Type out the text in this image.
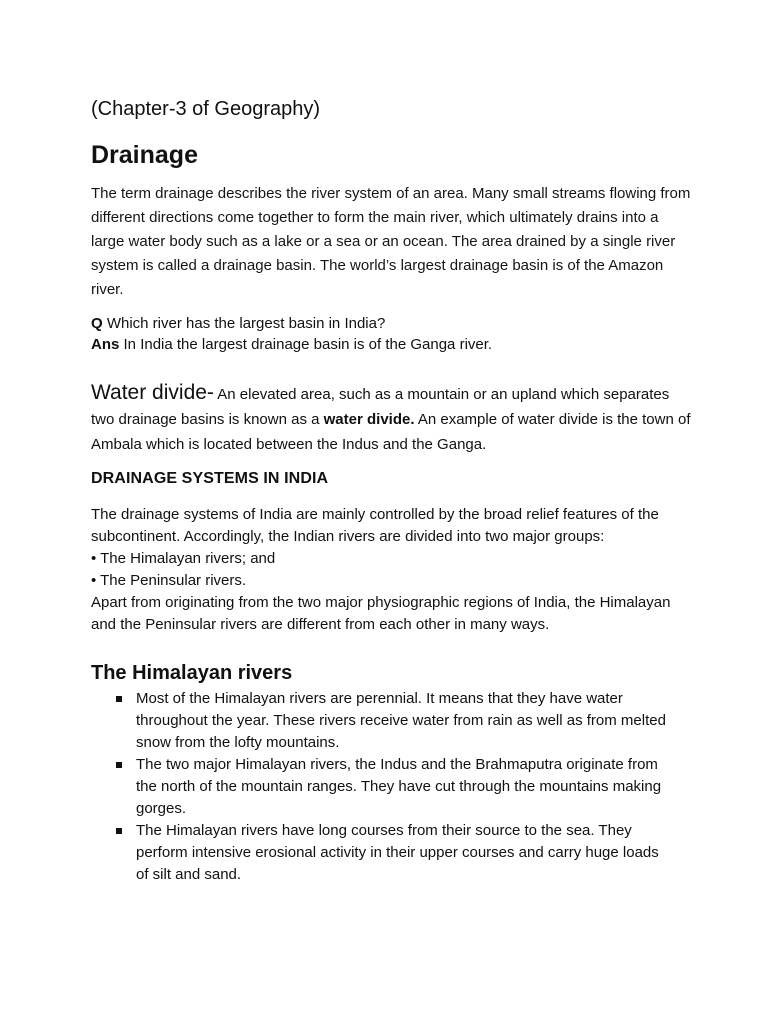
(Chapter-3 of Geography)
Drainage

The term drainage describes the river system of an area. Many small streams flowing from different directions come together to form the main river, which ultimately drains into a large water body such as a lake or a sea or an ocean. The area drained by a single river system is called a drainage basin. The world’s largest drainage basin is of the Amazon river.

Q Which river has the largest basin in India?
Ans In India the largest drainage basin is of the Ganga river.
Water divide- An elevated area, such as a mountain or an upland which separates two drainage basins is known as a water divide. An example of water divide is the town of Ambala which is located between the Indus and the Ganga.
DRAINAGE SYSTEMS IN INDIA
The drainage systems of India are mainly controlled by the broad relief features of the subcontinent. Accordingly, the Indian rivers are divided into two major groups:
• The Himalayan rivers; and
• The Peninsular rivers.
Apart from originating from the two major physiographic regions of India, the Himalayan and the Peninsular rivers are different from each other in many ways.
The Himalayan rivers
Most of the Himalayan rivers are perennial. It means that they have water throughout the year. These rivers receive water from rain as well as from melted snow from the lofty mountains.
The two major Himalayan rivers, the Indus and the Brahmaputra originate from the north of the mountain ranges. They have cut through the mountains making gorges.
The Himalayan rivers have long courses from their source to the sea. They perform intensive erosional activity in their upper courses and carry huge loads of silt and sand.
